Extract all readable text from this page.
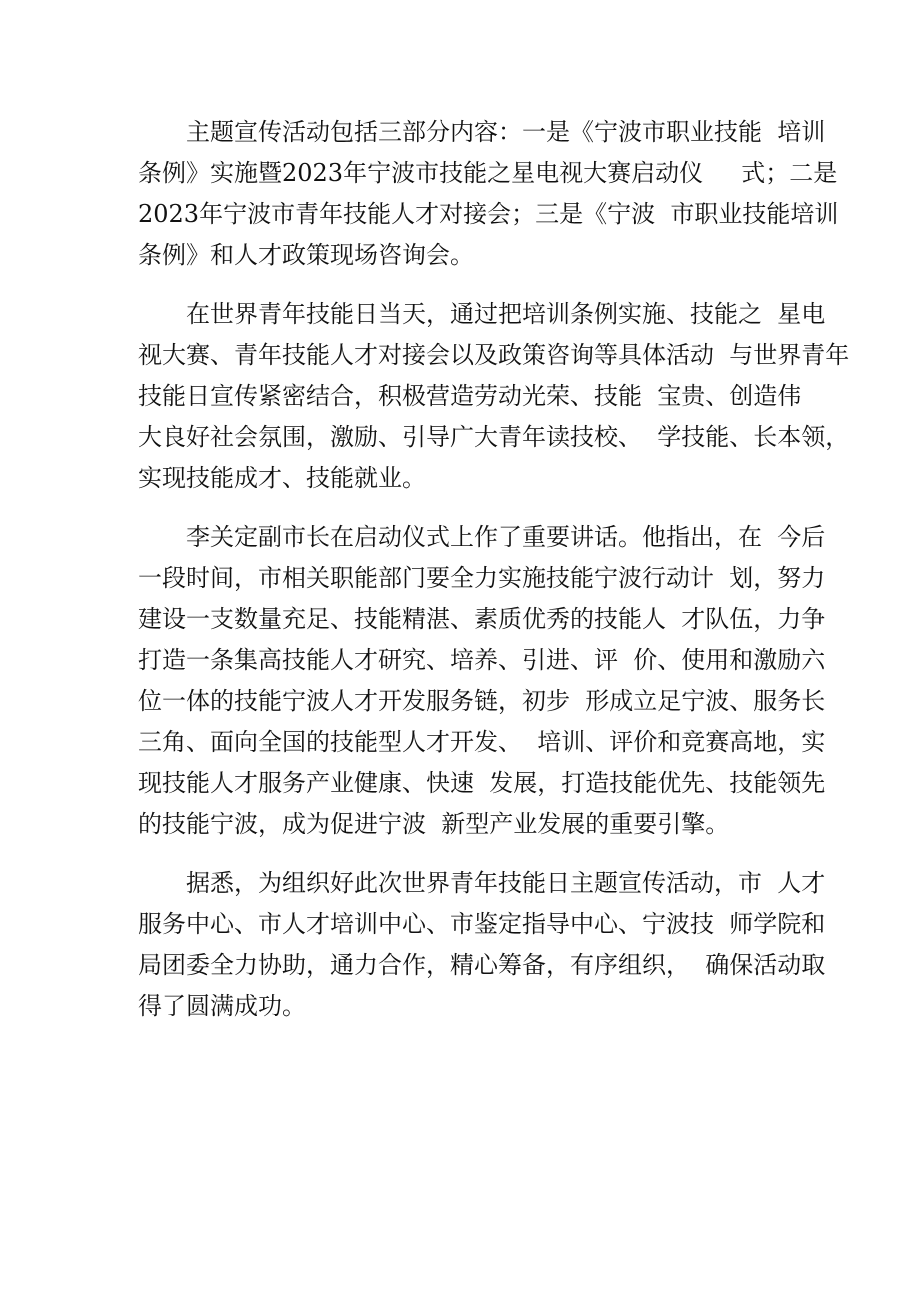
主题宣传活动包括三部分内容：一是《宁波市职业技能  培训
条例》实施暨2023年宁波市技能之星电视大赛启动仪     式；二是
2023年宁波市青年技能人才对接会；三是《宁波  市职业技能培训
条例》和人才政策现场咨询会。

在世界青年技能日当天，通过把培训条例实施、技能之  星电
视大赛、青年技能人才对接会以及政策咨询等具体活动  与世界青年
技能日宣传紧密结合，积极营造劳动光荣、技能  宝贵、创造伟
大良好社会氛围，激励、引导广大青年读技校、  学技能、长本领，
实现技能成才、技能就业。

李关定副市长在启动仪式上作了重要讲话。他指出，在  今后
一段时间，市相关职能部门要全力实施技能宁波行动计  划，努力
建设一支数量充足、技能精湛、素质优秀的技能人  才队伍，力争
打造一条集高技能人才研究、培养、引进、评  价、使用和激励六
位一体的技能宁波人才开发服务链，初步  形成立足宁波、服务长
三角、面向全国的技能型人才开发、  培训、评价和竞赛高地，实
现技能人才服务产业健康、快速  发展，打造技能优先、技能领先
的技能宁波，成为促进宁波  新型产业发展的重要引擎。

据悉，为组织好此次世界青年技能日主题宣传活动，市  人才
服务中心、市人才培训中心、市鉴定指导中心、宁波技  师学院和
局团委全力协助，通力合作，精心筹备，有序组织，  确保活动取
得了圆满成功。
